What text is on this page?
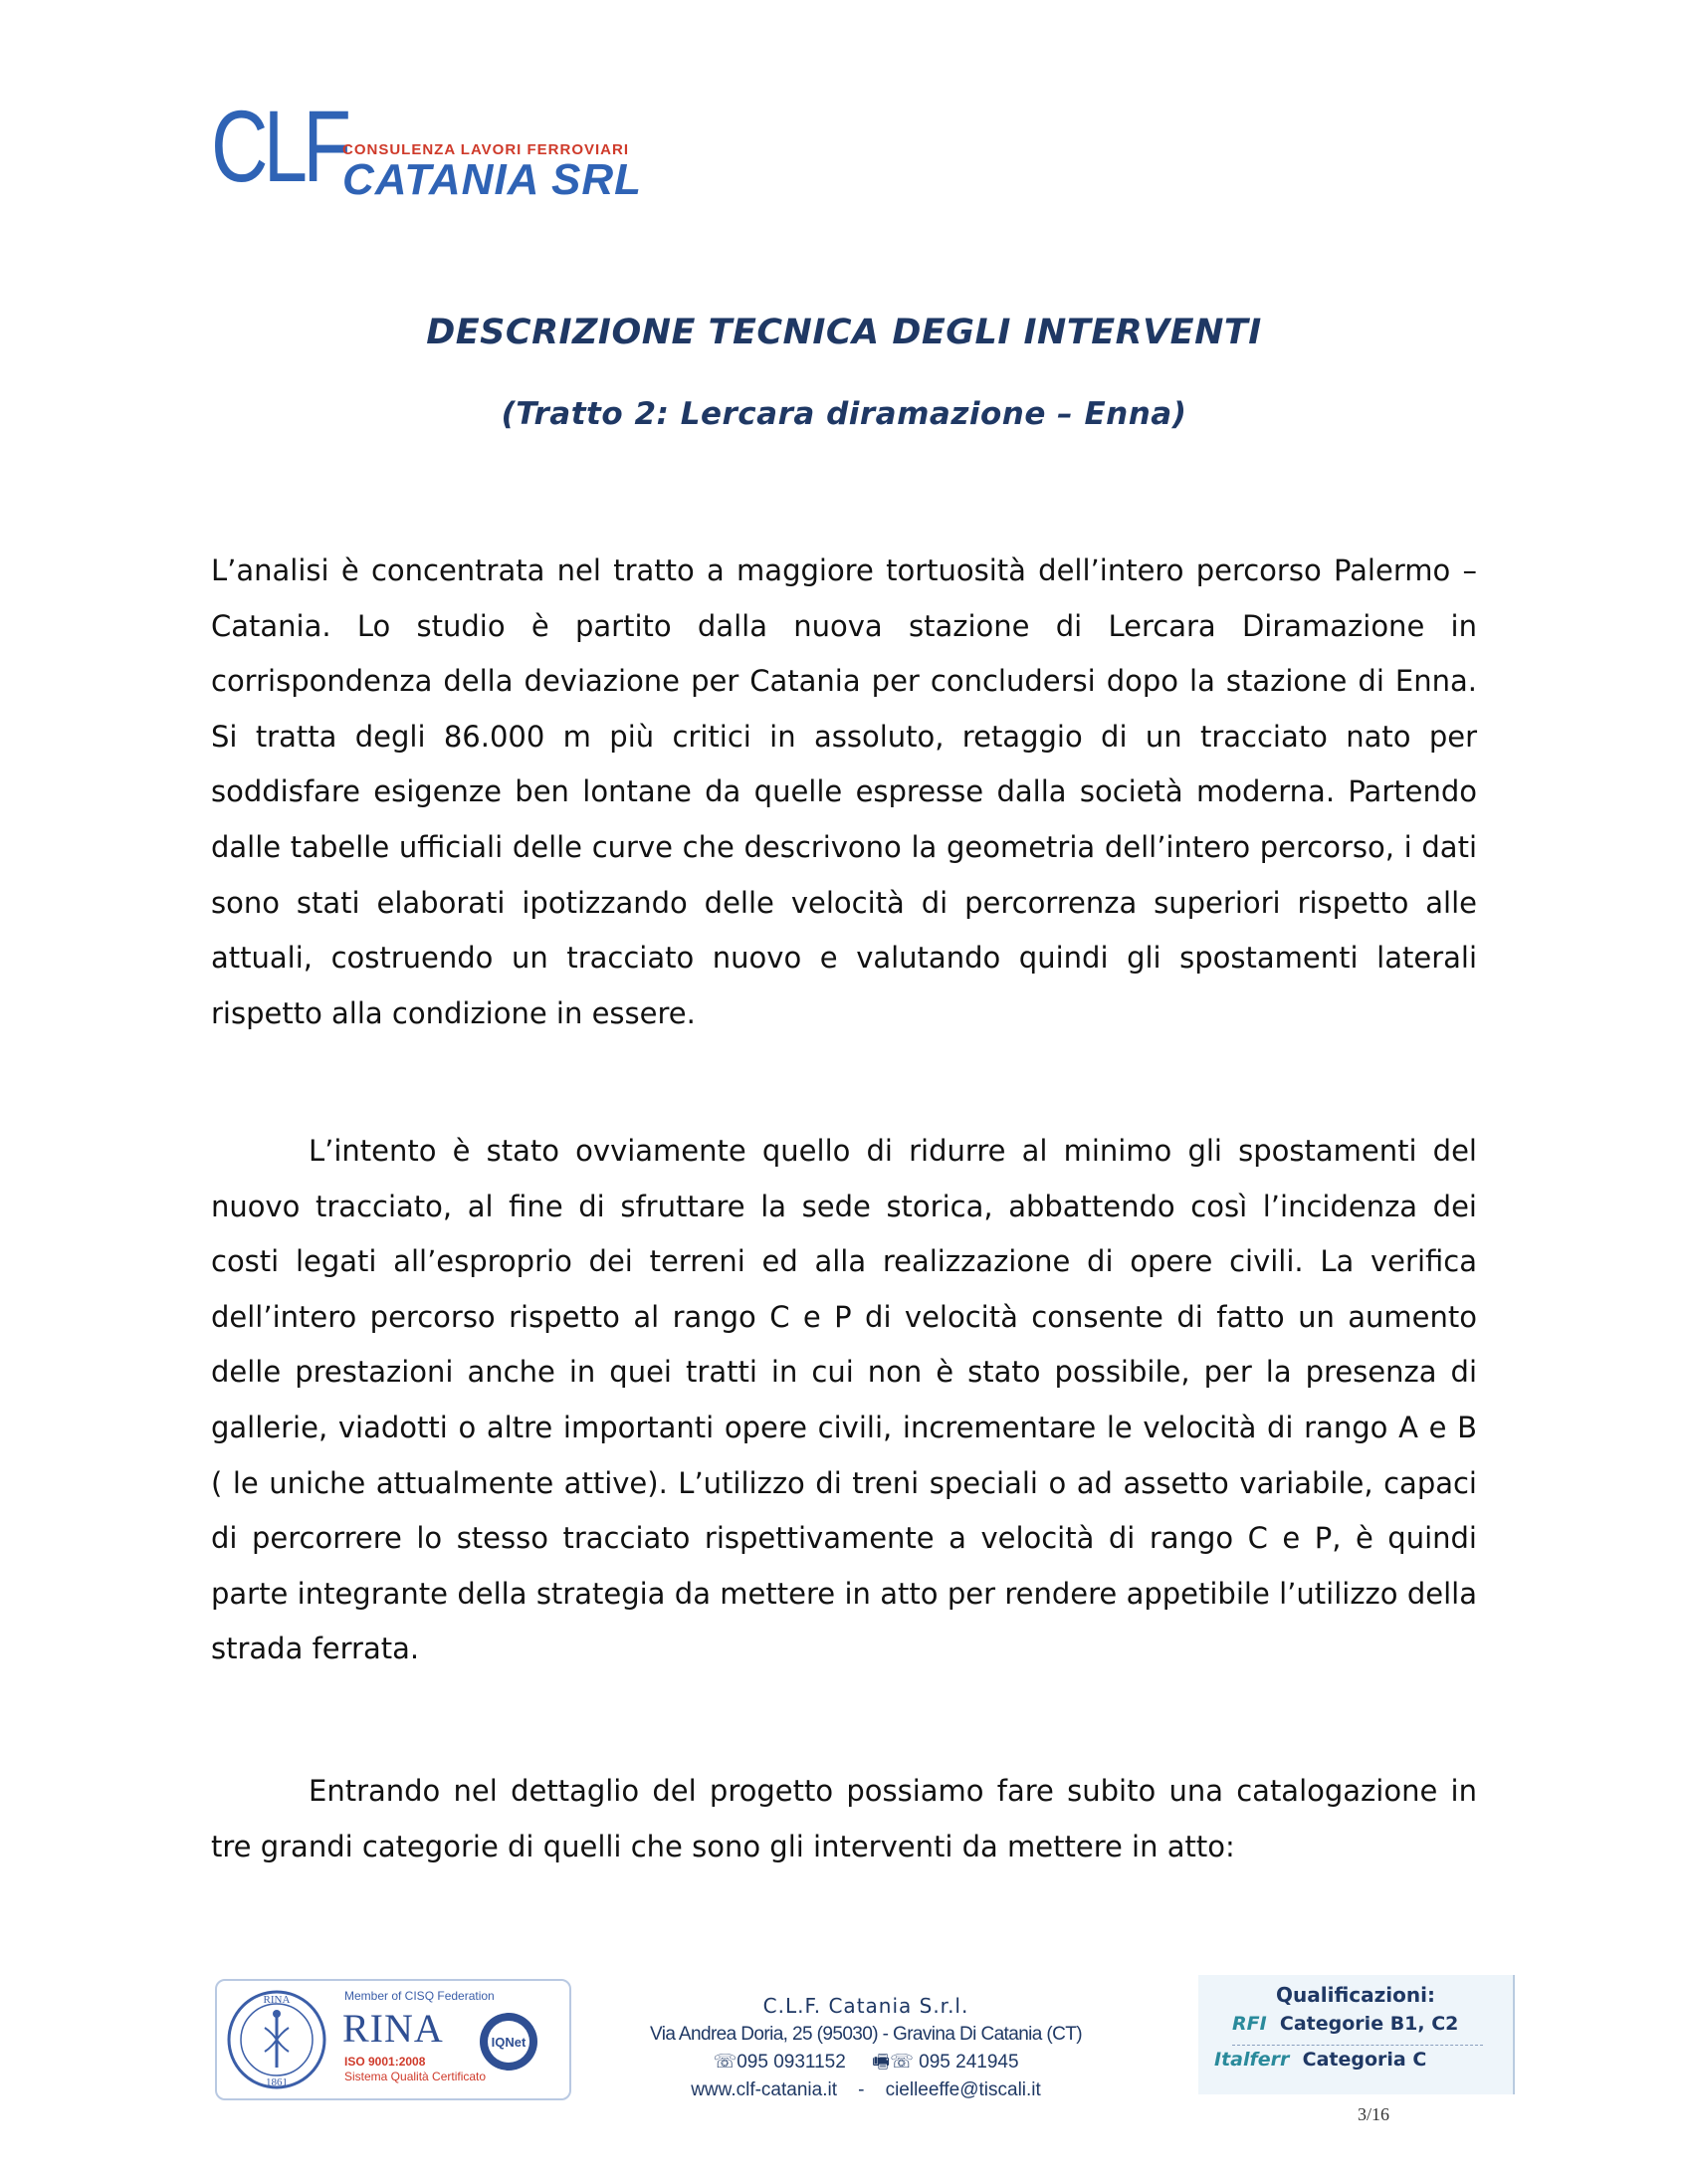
CLF
CONSULENZA LAVORI FERROVIARI
CATANIA SRL
DESCRIZIONE TECNICA DEGLI INTERVENTI
(Tratto 2: Lercara diramazione – Enna)

L’analisi è concentrata nel tratto a maggiore tortuosità dell’intero percorso Palermo – Catania. Lo studio è partito dalla nuova stazione di Lercara Diramazione in corrispondenza della deviazione per Catania per concludersi dopo la stazione di Enna. Si tratta degli 86.000 m più critici in assoluto, retaggio di un tracciato nato per soddisfare esigenze ben lontane da quelle espresse dalla società moderna. Partendo dalle tabelle ufficiali delle curve che descrivono la geometria dell’intero percorso, i dati sono stati elaborati ipotizzando delle velocità di percorrenza superiori rispetto alle attuali, costruendo un tracciato nuovo e valutando quindi gli spostamenti laterali rispetto alla condizione in essere.

L’intento è stato ovviamente quello di ridurre al minimo gli spostamenti del nuovo tracciato, al fine di sfruttare la sede storica, abbattendo così l’incidenza dei costi legati all’esproprio dei terreni ed alla realizzazione di opere civili. La verifica dell’intero percorso rispetto al rango C e P di velocità consente di fatto un aumento delle prestazioni anche in quei tratti in cui non è stato possibile, per la presenza di gallerie, viadotti o altre importanti opere civili, incrementare le velocità di rango A e B ( le uniche attualmente attive). L’utilizzo di treni speciali o ad assetto variabile, capaci di percorrere lo stesso tracciato rispettivamente a velocità di rango C e P, è quindi parte integrante della strategia da mettere in atto per rendere appetibile l’utilizzo della strada ferrata.

Entrando nel dettaglio del progetto possiamo fare subito una catalogazione in tre grandi categorie di quelli che sono gli interventi da mettere in atto:

RINA
1861
Member of CISQ Federation
RINA
ISO 9001:2008
Sistema Qualità Certificato
IQNet
C.L.F. Catania S.r.l.
Via Andrea Doria, 25 (95030) - Gravina Di Catania (CT)
☏095 0931152 🖷☏ 095 241945
www.clf-catania.it - cielleeffe@tiscali.it
Qualificazioni:
RFI Categorie B1, C2
Italferr Categoria C
3/16
